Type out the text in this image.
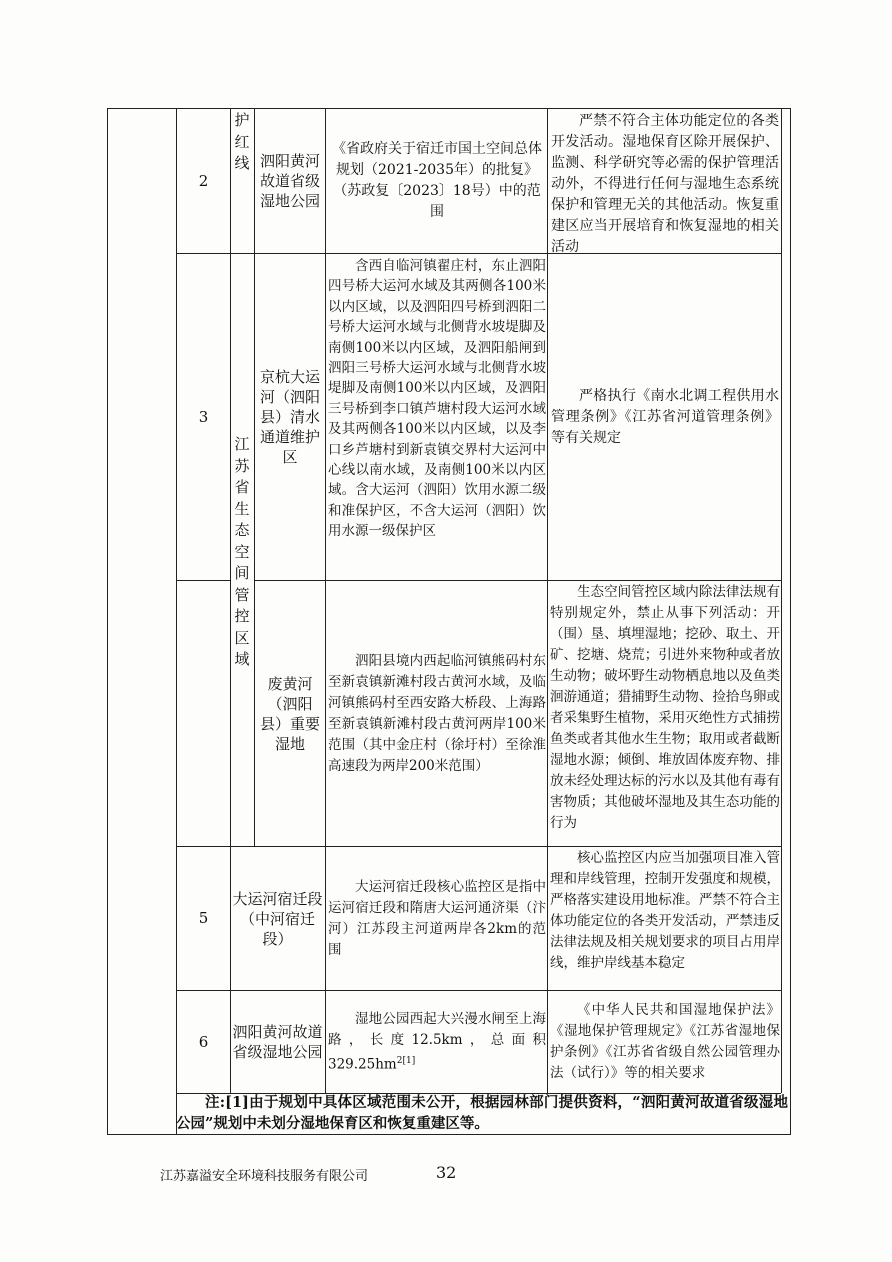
护
红
线
江
苏
省
生
态
空
间
管
控
区
域
2
泗阳黄河故道省级湿地公园
《省政府关于宿迁市国土空间总体规划（2021-2035年）的批复》（苏政复〔2023〕18号）中的范围
严禁不符合主体功能定位的各类开发活动。湿地保育区除开展保护、监测、科学研究等必需的保护管理活动外，不得进行任何与湿地生态系统保护和管理无关的其他活动。恢复重建区应当开展培育和恢复湿地的相关活动
3
京杭大运河（泗阳县）清水通道维护区
含西自临河镇翟庄村，东止泗阳四号桥大运河水域及其两侧各100米以内区域，以及泗阳四号桥到泗阳二号桥大运河水域与北侧背水坡堤脚及南侧100米以内区域，及泗阳船闸到泗阳三号桥大运河水域与北侧背水坡堤脚及南侧100米以内区域，及泗阳三号桥到李口镇芦塘村段大运河水域及其两侧各100米以内区域，以及李口乡芦塘村到新袁镇交界村大运河中心线以南水域，及南侧100米以内区域。含大运河（泗阳）饮用水源二级和准保护区，不含大运河（泗阳）饮用水源一级保护区
严格执行《南水北调工程供用水管理条例》《江苏省河道管理条例》等有关规定
废黄河（泗阳县）重要湿地
泗阳县境内西起临河镇熊码村东至新袁镇新滩村段古黄河水域，及临河镇熊码村至西安路大桥段、上海路至新袁镇新滩村段古黄河两岸100米范围（其中金庄村（徐圩村）至徐淮高速段为两岸200米范围）
生态空间管控区域内除法律法规有特别规定外，禁止从事下列活动：开（围）垦、填埋湿地；挖砂、取土、开矿、挖塘、烧荒；引进外来物种或者放生动物；破坏野生动物栖息地以及鱼类洄游通道；猎捕野生动物、捡拾鸟卵或者采集野生植物，采用灭绝性方式捕捞鱼类或者其他水生生物；取用或者截断湿地水源；倾倒、堆放固体废弃物、排放未经处理达标的污水以及其他有毒有害物质；其他破坏湿地及其生态功能的行为
5
大运河宿迁段（中河宿迁段）
大运河宿迁段核心监控区是指中运河宿迁段和隋唐大运河通济渠（汴河）江苏段主河道两岸各2km的范围
核心监控区内应当加强项目准入管理和岸线管理，控制开发强度和规模，严格落实建设用地标准。严禁不符合主体功能定位的各类开发活动，严禁违反法律法规及相关规划要求的项目占用岸线，维护岸线基本稳定
6
泗阳黄河故道省级湿地公园
湿地公园西起大兴漫水闸至上海路，长度12.5km，总面积$329.25hm^{2[1]}$
《中华人民共和国湿地保护法》《湿地保护管理规定》《江苏省湿地保护条例》《江苏省省级自然公园管理办法（试行）》等的相关要求
注:[1]由于规划中具体区域范围未公开，根据园林部门提供资料，“泗阳黄河故道省级湿地公园”规划中未划分湿地保育区和恢复重建区等。
江苏嘉溢安全环境科技服务有限公司	32
